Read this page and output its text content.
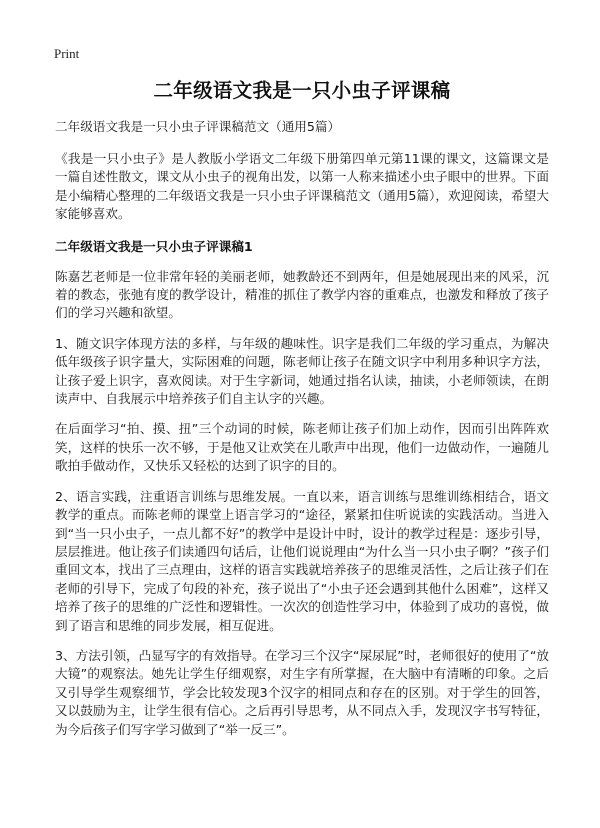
Print
二年级语文我是一只小虫子评课稿
二年级语文我是一只小虫子评课稿范文（通用5篇）

《我是一只小虫子》是人教版小学语文二年级下册第四单元第11课的课文，这篇课文是一篇自述性散文，课文从小虫子的视角出发，以第一人称来描述小虫子眼中的世界。下面是小编精心整理的二年级语文我是一只小虫子评课稿范文（通用5篇），欢迎阅读，希望大家能够喜欢。

二年级语文我是一只小虫子评课稿1

陈嘉艺老师是一位非常年轻的美丽老师，她教龄还不到两年，但是她展现出来的风采，沉着的教态，张弛有度的教学设计，精准的抓住了教学内容的重难点，也激发和释放了孩子们的学习兴趣和欲望。

1、随文识字体现方法的多样，与年级的趣味性。识字是我们二年级的学习重点，为解决低年级孩子识字量大，实际困难的问题，陈老师让孩子在随文识字中利用多种识字方法，让孩子爱上识字，喜欢阅读。对于生字新词，她通过指名认读，抽读，小老师领读，在朗读声中、自我展示中培养孩子们自主认字的兴趣。

在后面学习“拍、摸、扭”三个动词的时候，陈老师让孩子们加上动作，因而引出阵阵欢笑，这样的快乐一次不够，于是他又让欢笑在儿歌声中出现，他们一边做动作，一遍随儿歌拍手做动作，又快乐又轻松的达到了识字的目的。

2、语言实践，注重语言训练与思维发展。一直以来，语言训练与思维训练相结合，语文教学的重点。而陈老师的课堂上语言学习的“途径，紧紧扣住听说读的实践活动。当进入到“当一只小虫子，一点儿都不好”的教学中是设计中时，设计的教学过程是：逐步引导，层层推进。他让孩子们读通四句话后，让他们说说理由“为什么当一只小虫子啊？”孩子们重回文本，找出了三点理由，这样的语言实践就培养孩子的思维灵活性，之后让孩子们在老师的引导下，完成了句段的补充，孩子说出了“小虫子还会遇到其他什么困难”，这样又培养了孩子的思维的广泛性和逻辑性。一次次的创造性学习中，体验到了成功的喜悦，做到了语言和思维的同步发展，相互促进。

3、方法引领，凸显写字的有效指导。在学习三个汉字“屎尿屁”时，老师很好的使用了“放大镜”的观察法。她先让学生仔细观察，对生字有所掌握，在大脑中有清晰的印象。之后又引导学生观察细节，学会比较发现3个汉字的相同点和存在的区别。对于学生的回答，又以鼓励为主，让学生很有信心。之后再引导思考，从不同点入手，发现汉字书写特征，为今后孩子们写字学习做到了“举一反三”。
